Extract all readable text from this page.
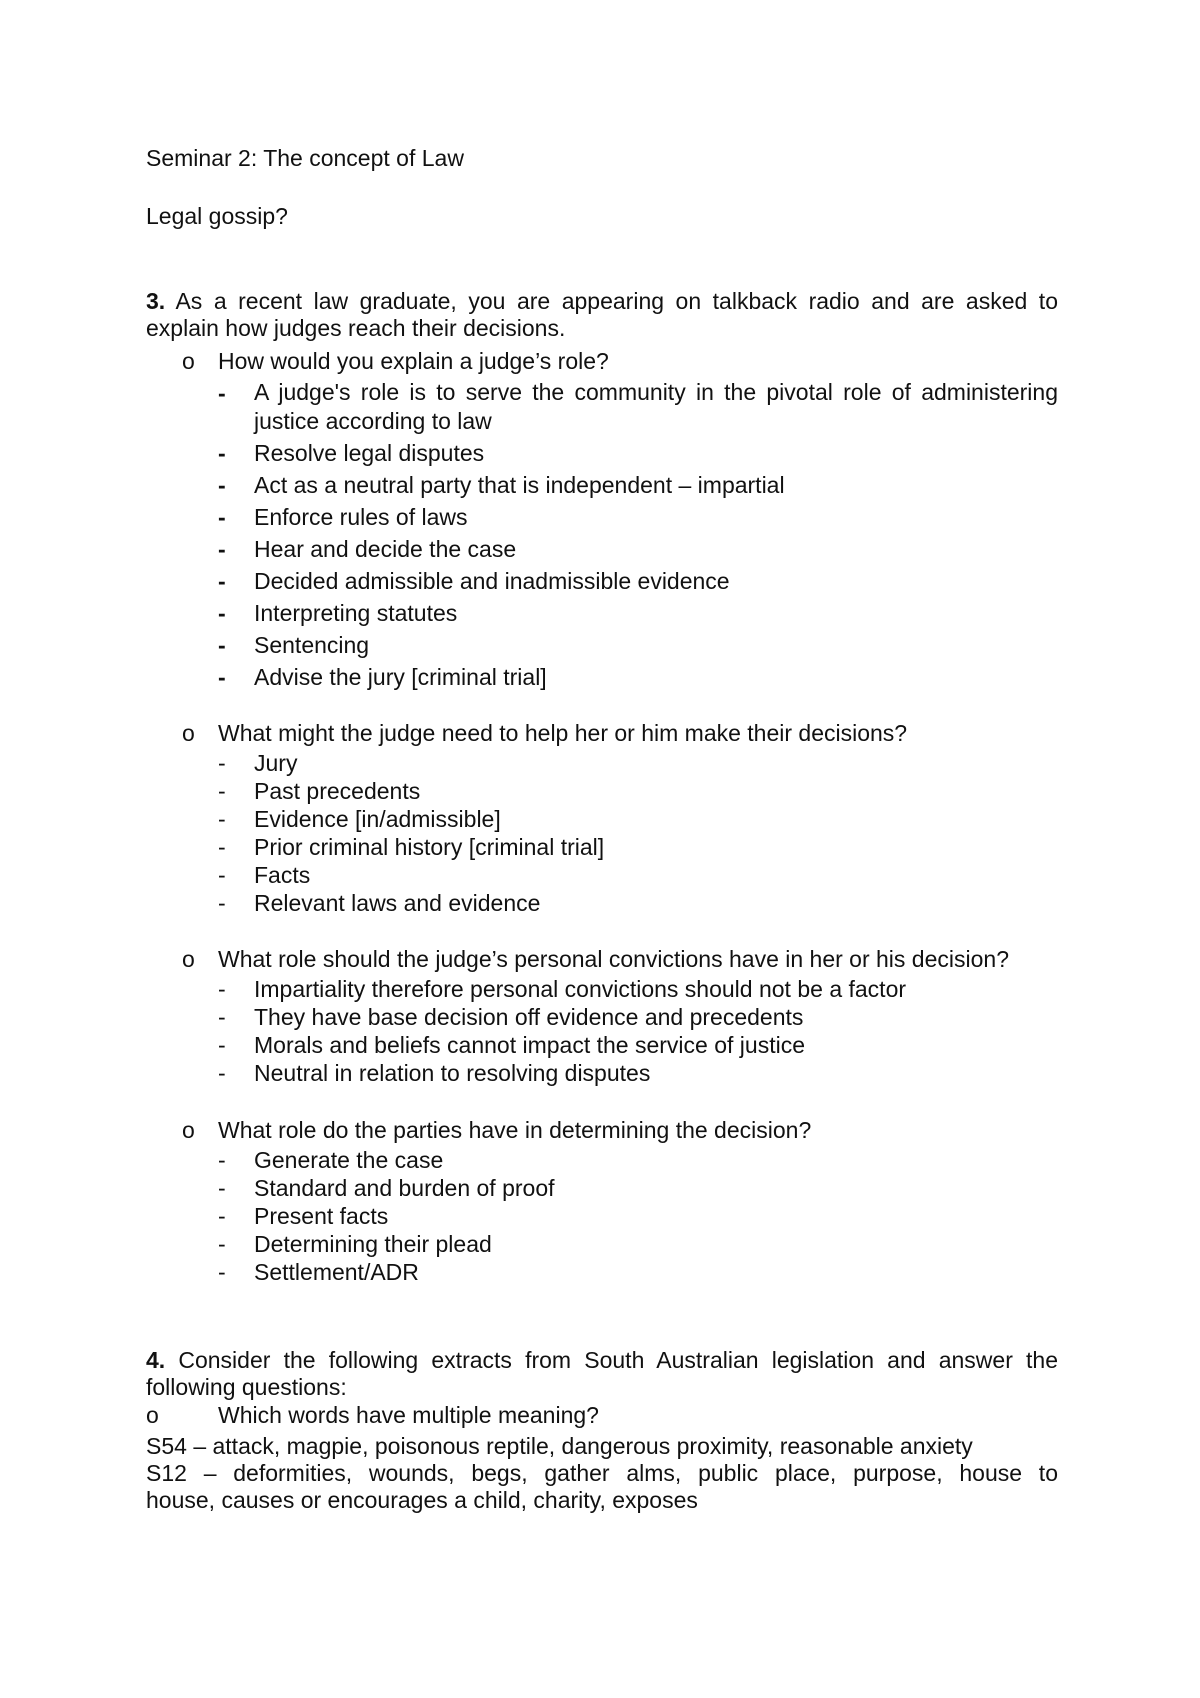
Seminar 2: The concept of Law
Legal gossip?
3. As a recent law graduate, you are appearing on talkback radio and are asked to
explain how judges reach their decisions.
o How would you explain a judge’s role?
- A judge's role is to serve the community in the pivotal role of administering
justice according to law
- Resolve legal disputes
- Act as a neutral party that is independent – impartial
- Enforce rules of laws
- Hear and decide the case
- Decided admissible and inadmissible evidence
- Interpreting statutes
- Sentencing
- Advise the jury [criminal trial]
o What might the judge need to help her or him make their decisions?
- Jury
- Past precedents
- Evidence [in/admissible]
- Prior criminal history [criminal trial]
- Facts
- Relevant laws and evidence
o What role should the judge’s personal convictions have in her or his decision?
- Impartiality therefore personal convictions should not be a factor
- They have base decision off evidence and precedents
- Morals and beliefs cannot impact the service of justice
- Neutral in relation to resolving disputes
o What role do the parties have in determining the decision?
- Generate the case
- Standard and burden of proof
- Present facts
- Determining their plead
- Settlement/ADR
4. Consider the following extracts from South Australian legislation and answer the
following questions:
o	Which words have multiple meaning?
S54 – attack, magpie, poisonous reptile, dangerous proximity, reasonable anxiety
S12 – deformities, wounds, begs, gather alms, public place, purpose, house to
house, causes or encourages a child, charity, exposes
